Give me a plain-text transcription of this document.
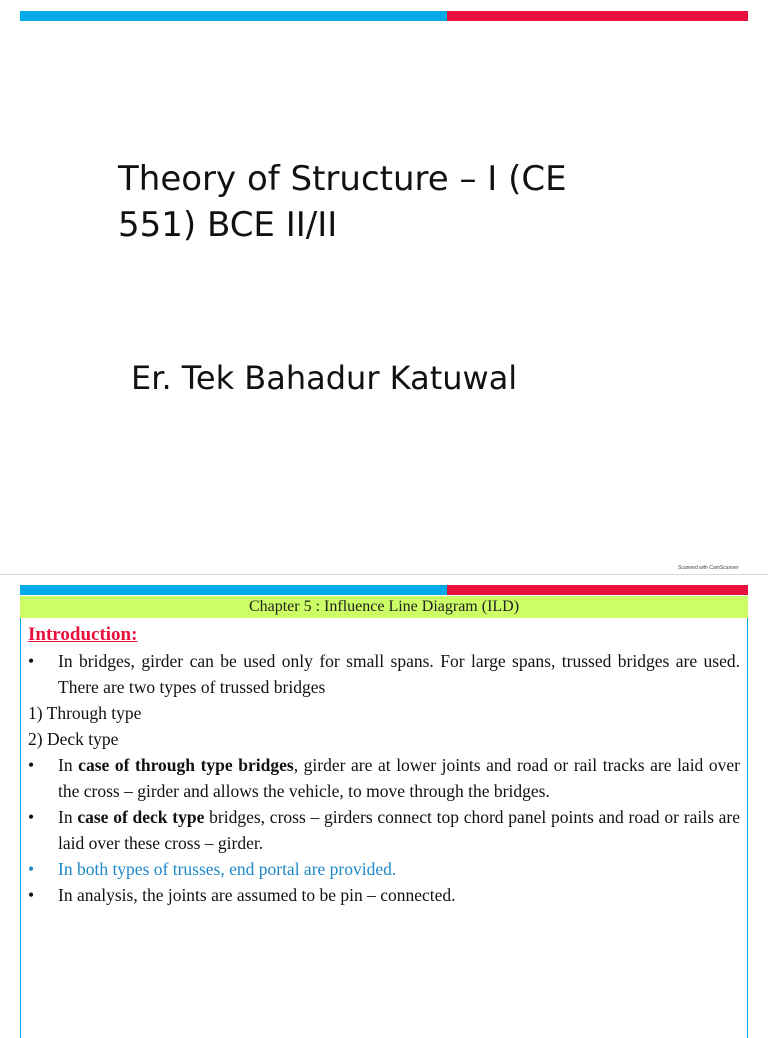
Theory of Structure – I (CE 551) BCE II/II

Er. Tek Bahadur Katuwal

Scanned with CamScanner
Chapter 5 : Influence Line Diagram (ILD)
Introduction:
•	In bridges, girder can be used only for small spans. For large spans, trussed bridges are used. There are two types of trussed bridges
1) Through type
2) Deck type
•	In case of through type bridges, girder are at lower joints and road or rail tracks are laid over the cross – girder and allows the vehicle, to move through the bridges.
•	In case of deck type bridges, cross – girders connect top chord panel points and road or rails are laid over these cross – girder.
•	In both types of trusses, end portal are provided.
•	In analysis, the joints are assumed to be pin – connected.
